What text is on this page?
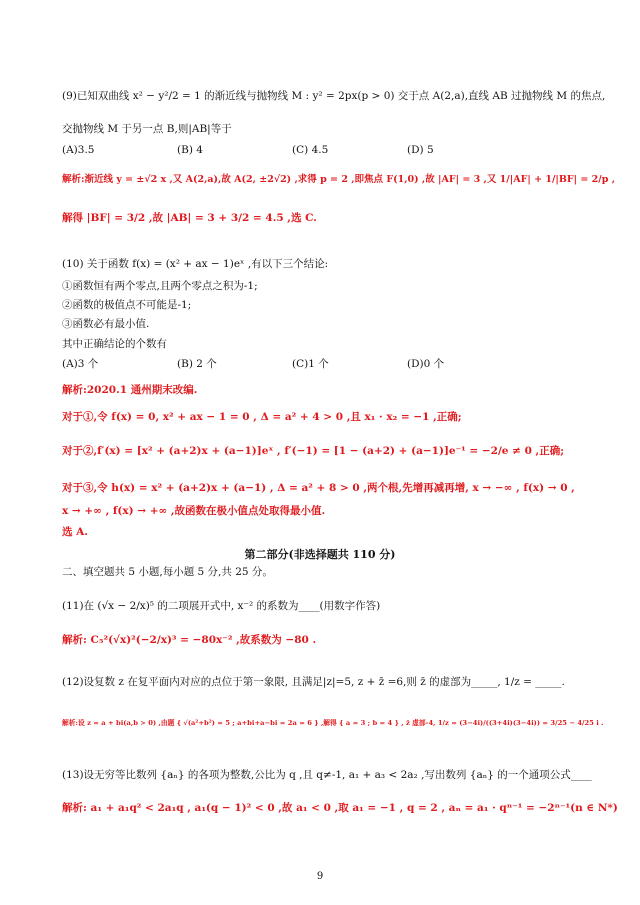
(9)已知双曲线 x² − y²/2 = 1 的渐近线与抛物线 M : y² = 2px(p > 0) 交于点 A(2,a),直线 AB 过抛物线 M 的焦点,
交抛物线 M 于另一点 B,则|AB|等于
(A)3.5	(B) 4	(C) 4.5	(D) 5
解析:渐近线 y = ±√2 x ,又 A(2,a),故 A(2, ±2√2) ,求得 p = 2 ,即焦点 F(1,0) ,故 |AF| = 3 ,又 1/|AF| + 1/|BF| = 2/p ,
解得 |BF| = 3/2 ,故 |AB| = 3 + 3/2 = 4.5 ,选 C.
(10) 关于函数 f(x) = (x² + ax − 1)eˣ ,有以下三个结论:
①函数恒有两个零点,且两个零点之积为-1;
②函数的极值点不可能是-1;
③函数必有最小值.
其中正确结论的个数有
(A)3 个	(B) 2 个	(C)1 个	(D)0 个
解析:2020.1 通州期末改编.
对于①,令 f(x) = 0, x² + ax − 1 = 0 , Δ = a² + 4 > 0 ,且 x₁ · x₂ = −1 ,正确;
对于②,f′(x) = [x² + (a+2)x + (a−1)]eˣ , f′(−1) = [1 − (a+2) + (a−1)]e⁻¹ = −2/e ≠ 0 ,正确;
对于③,令 h(x) = x² + (a+2)x + (a−1) , Δ = a² + 8 > 0 ,两个根,先增再减再增, x → −∞ , f(x) → 0 ,
x → +∞ , f(x) → +∞ ,故函数在极小值点处取得最小值.
选 A.
第二部分(非选择题共 110 分)
二、填空题共 5 小题,每小题 5 分,共 25 分。
(11)在 (√x − 2/x)⁵ 的二项展开式中, x⁻² 的系数为____(用数字作答)
解析: C₅²(√x)²(−2/x)³ = −80x⁻² ,故系数为 −80 .
(12)设复数 z 在复平面内对应的点位于第一象限, 且满足|z|=5, z + z̄ =6,则 z̄ 的虚部为_____, 1/z = _____.
解析:设 z = a + bi(a,b > 0) ,由题 { √(a²+b²) = 5 ; a+bi+a−bi = 2a = 6 } ,解得 { a = 3 ; b = 4 } , z̄ 虚部-4, 1/z = (3−4i)/((3+4i)(3−4i)) = 3/25 − 4/25 i .
(13)设无穷等比数列 {aₙ} 的各项为整数,公比为 q ,且 q≠-1, a₁ + a₃ < 2a₂ ,写出数列 {aₙ} 的一个通项公式____
解析: a₁ + a₁q² < 2a₁q , a₁(q − 1)² < 0 ,故 a₁ < 0 ,取 a₁ = −1 , q = 2 , aₙ = a₁ · qⁿ⁻¹ = −2ⁿ⁻¹(n ∈ N*)
9
